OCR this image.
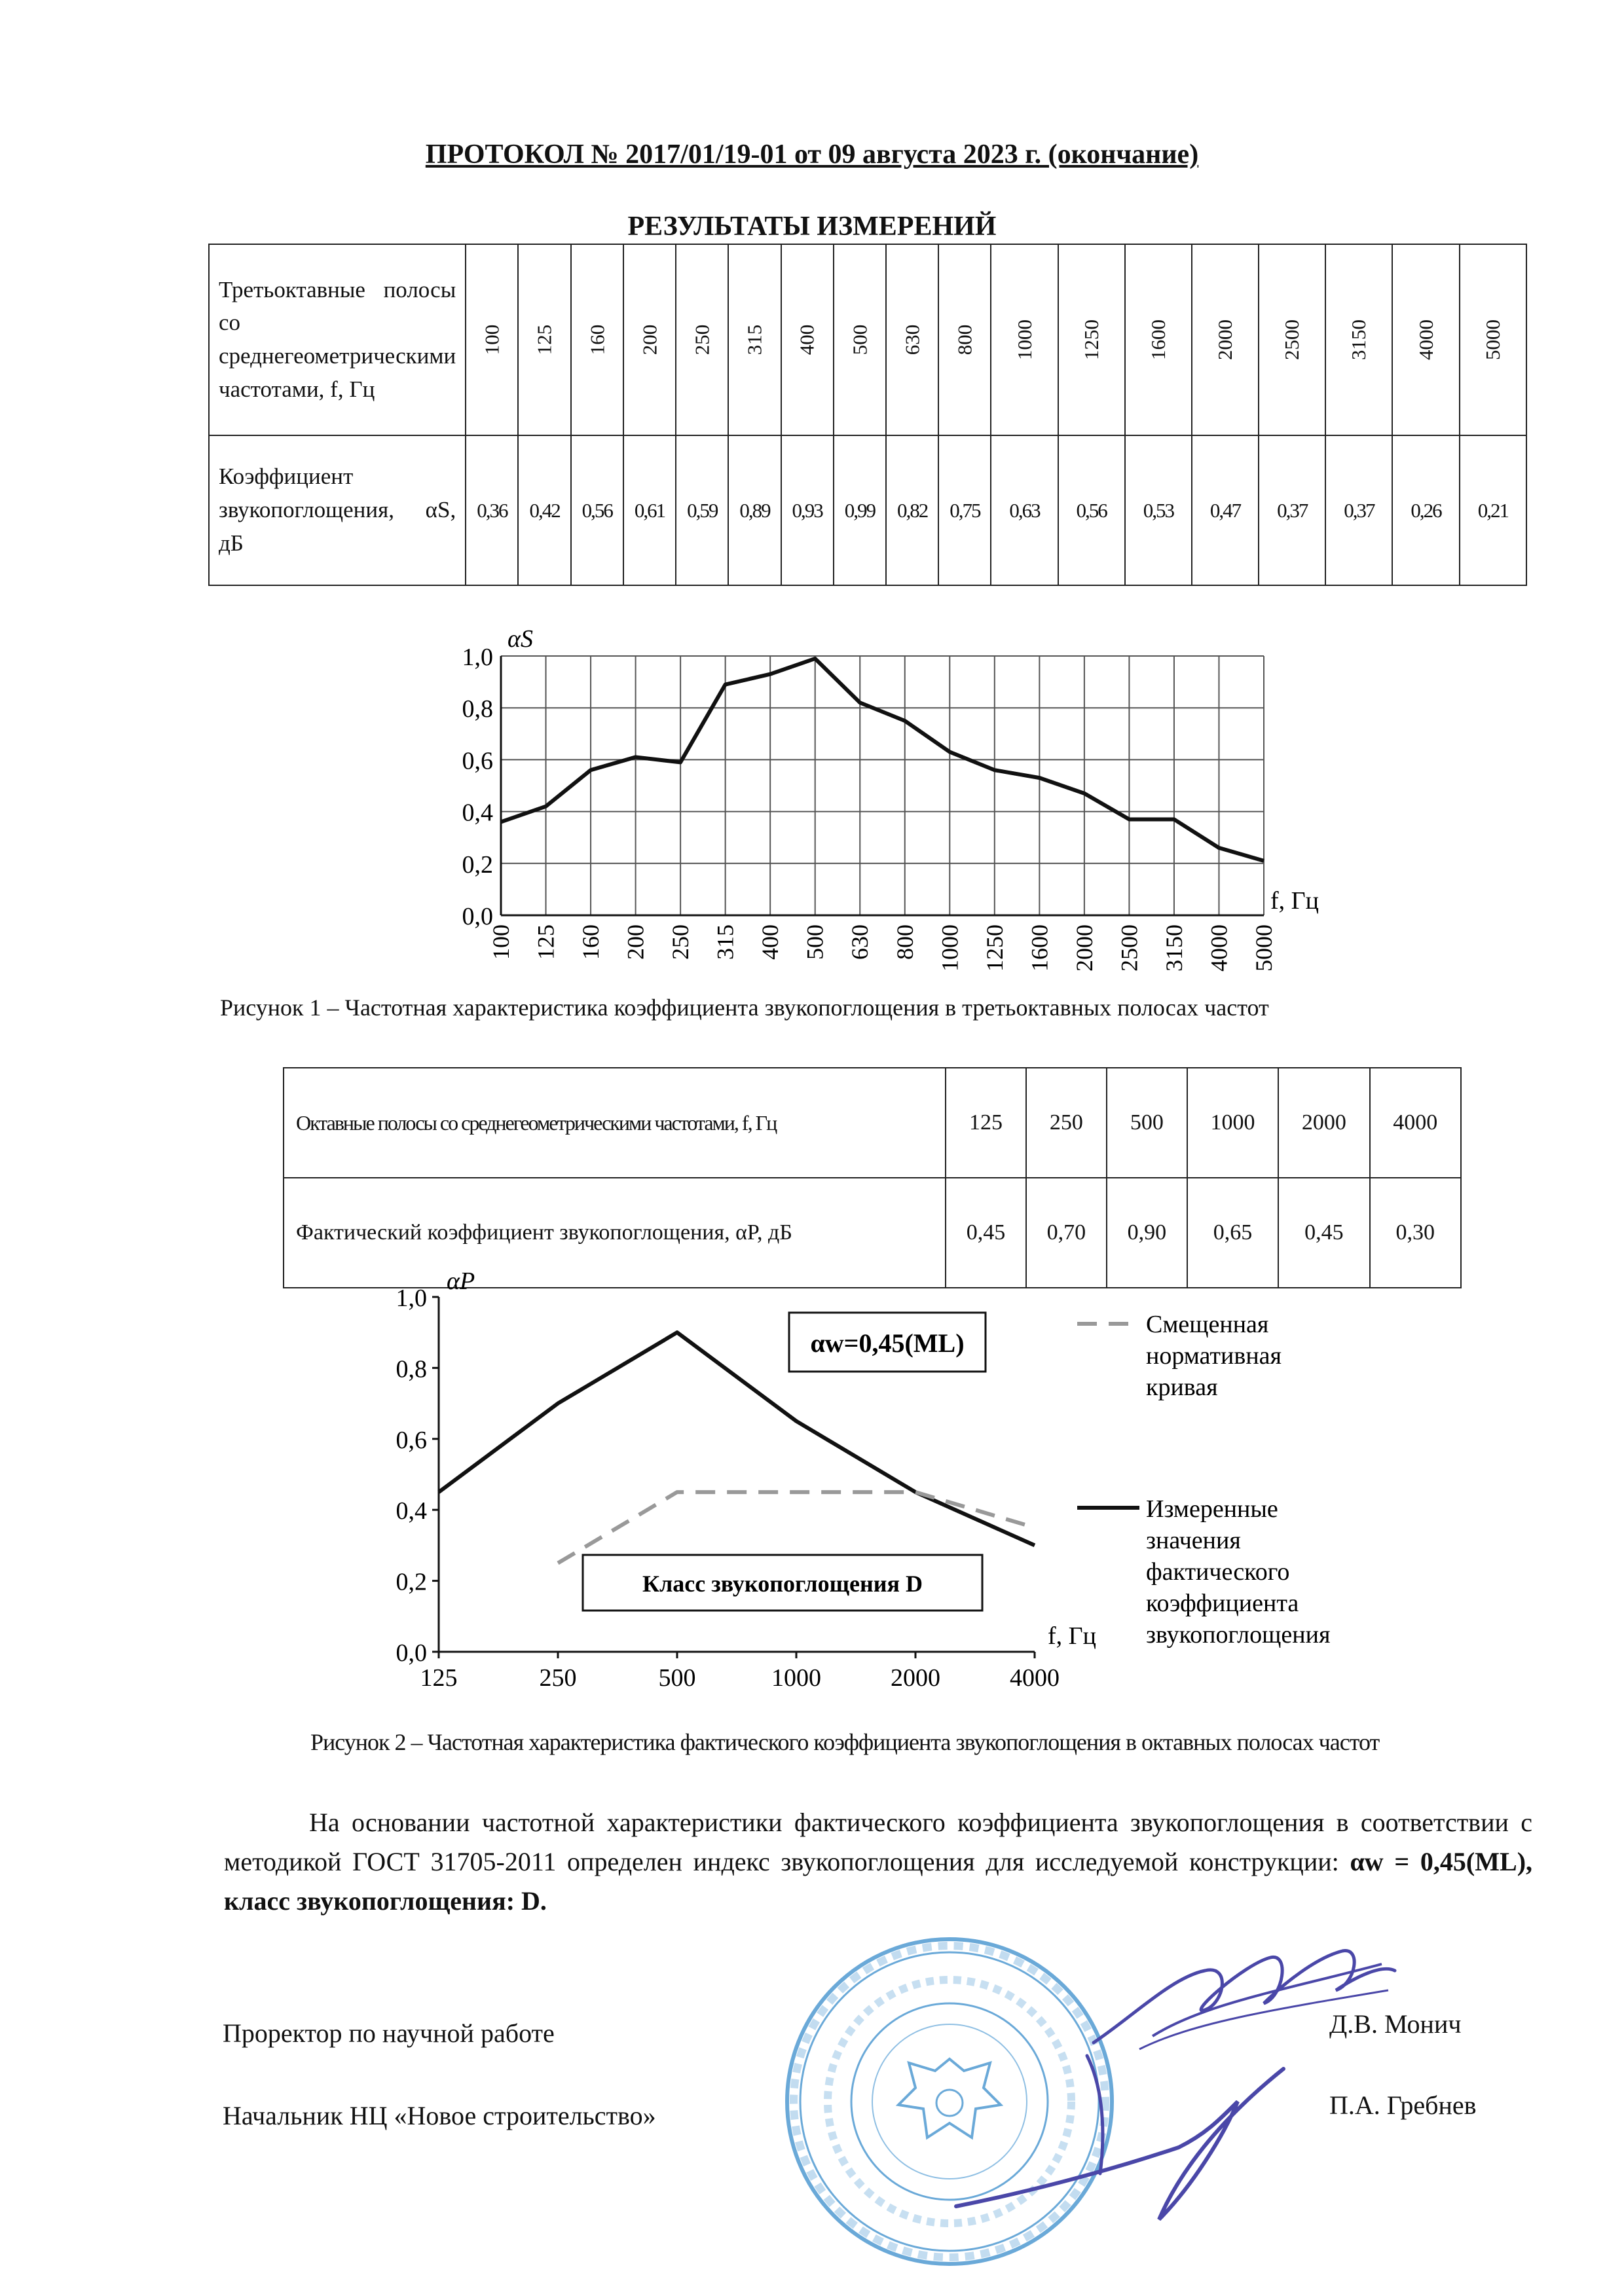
ПРОТОКОЛ № 2017/01/19-01 от 09 августа 2023 г. (окончание)
РЕЗУЛЬТАТЫ ИЗМЕРЕНИЙ
Третьоктавные полосы со среднегеометрическими частотами, f, Гц	100	125	160	200	250	315	400	500	630	800	1000	1250	1600	2000	2500	3150	4000	5000
Коэффициент звукопоглощения, αS, дБ	0,36	0,42	0,56	0,61	0,59	0,89	0,93	0,99	0,82	0,75	0,63	0,56	0,53	0,47	0,37	0,37	0,26	0,21
0,0
0,2
0,4
0,6
0,8
1,0
100 125 160 200 250 315 400 500 630 800 1000 1250 1600 2000 2500 3150 4000 5000
αS
f, Гц
Рисунок 1 – Частотная характеристика коэффициента звукопоглощения в третьоктавных полосах частот
Октавные полосы со среднегеометрическими частотами, f, Гц	125	250	500	1000	2000	4000
Фактический коэффициент звукопоглощения, αP, дБ	0,45	0,70	0,90	0,65	0,45	0,30
0,0
0,2
0,4
0,6
0,8
1,0
125	250	500	1000	2000	4000
αP
f, Гц
αw=0,45(ML)
Класс звукопоглощения D
Смещенная нормативная кривая
Измеренные значения фактического коэффициента звукопоглощения
Рисунок 2 – Частотная характеристика фактического коэффициента звукопоглощения в октавных полосах частот
На основании частотной характеристики фактического коэффициента звукопоглощения в соответствии с методикой ГОСТ 31705-2011 определен индекс звукопоглощения для исследуемой конструкции: αw = 0,45(ML), класс звукопоглощения: D.
Проректор по научной работе	Д.В. Монич
Начальник НЦ «Новое строительство»	П.А. Гребнев
